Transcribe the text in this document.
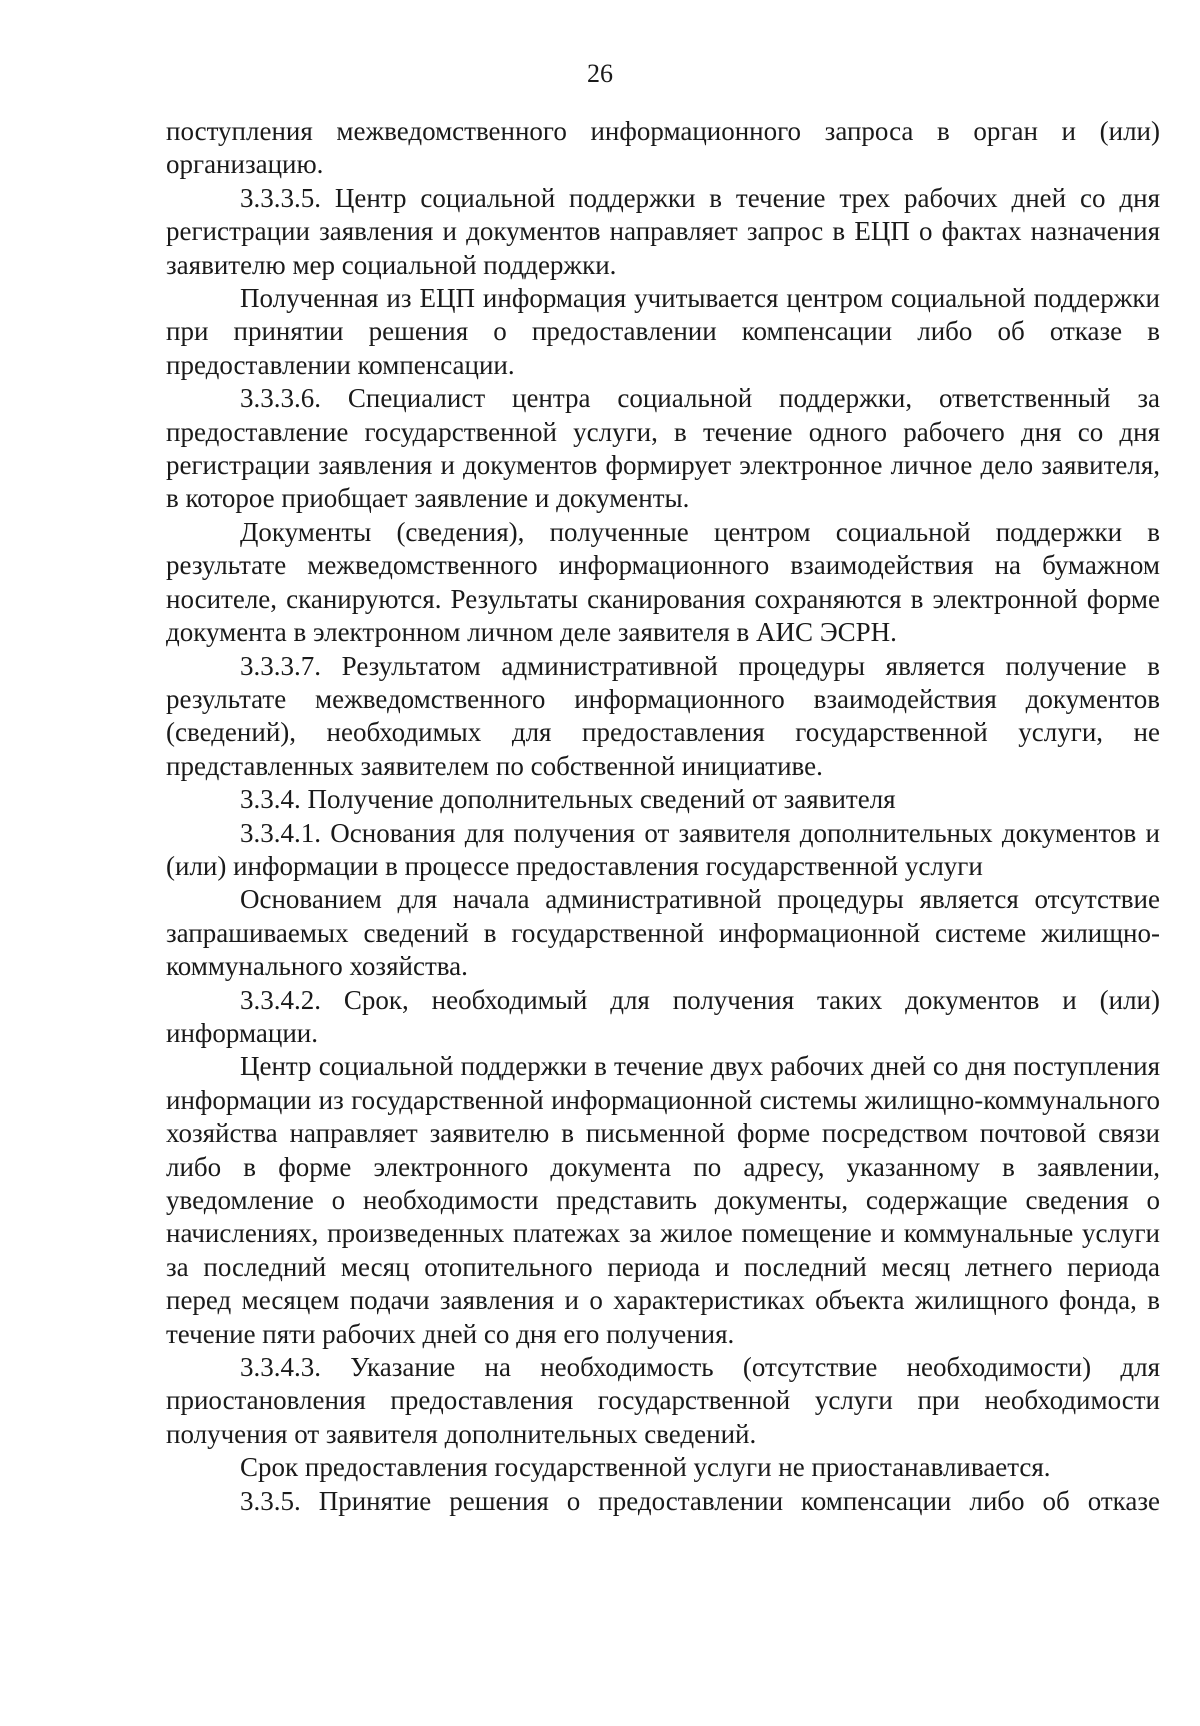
26

поступления межведомственного информационного запроса в орган и (или) организацию.

3.3.3.5. Центр социальной поддержки в течение трех рабочих дней со дня регистрации заявления и документов направляет запрос в ЕЦП о фактах назначения заявителю мер социальной поддержки.

Полученная из ЕЦП информация учитывается центром социальной поддержки при принятии решения о предоставлении компенсации либо об отказе в предоставлении компенсации.

3.3.3.6. Специалист центра социальной поддержки, ответственный за предоставление государственной услуги, в течение одного рабочего дня со дня регистрации заявления и документов формирует электронное личное дело заявителя, в которое приобщает заявление и документы.

Документы (сведения), полученные центром социальной поддержки в результате межведомственного информационного взаимодействия на бумажном носителе, сканируются. Результаты сканирования сохраняются в электронной форме документа в электронном личном деле заявителя в АИС ЭСРН.

3.3.3.7. Результатом административной процедуры является получение в результате межведомственного информационного взаимодействия документов (сведений), необходимых для предоставления государственной услуги, не представленных заявителем по собственной инициативе.

3.3.4. Получение дополнительных сведений от заявителя

3.3.4.1. Основания для получения от заявителя дополнительных документов и (или) информации в процессе предоставления государственной услуги

Основанием для начала административной процедуры является отсутствие запрашиваемых сведений в государственной информационной системе жилищно-коммунального хозяйства.

3.3.4.2. Срок, необходимый для получения таких документов и (или) информации.

Центр социальной поддержки в течение двух рабочих дней со дня поступления информации из государственной информационной системы жилищно-коммунального хозяйства направляет заявителю в письменной форме посредством почтовой связи либо в форме электронного документа по адресу, указанному в заявлении, уведомление о необходимости представить документы, содержащие сведения о начислениях, произведенных платежах за жилое помещение и коммунальные услуги за последний месяц отопительного периода и последний месяц летнего периода перед месяцем подачи заявления и о характеристиках объекта жилищного фонда, в течение пяти рабочих дней со дня его получения.

3.3.4.3. Указание на необходимость (отсутствие необходимости) для приостановления предоставления государственной услуги при необходимости получения от заявителя дополнительных сведений.

Срок предоставления государственной услуги не приостанавливается.

3.3.5. Принятие решения о предоставлении компенсации либо об отказе
